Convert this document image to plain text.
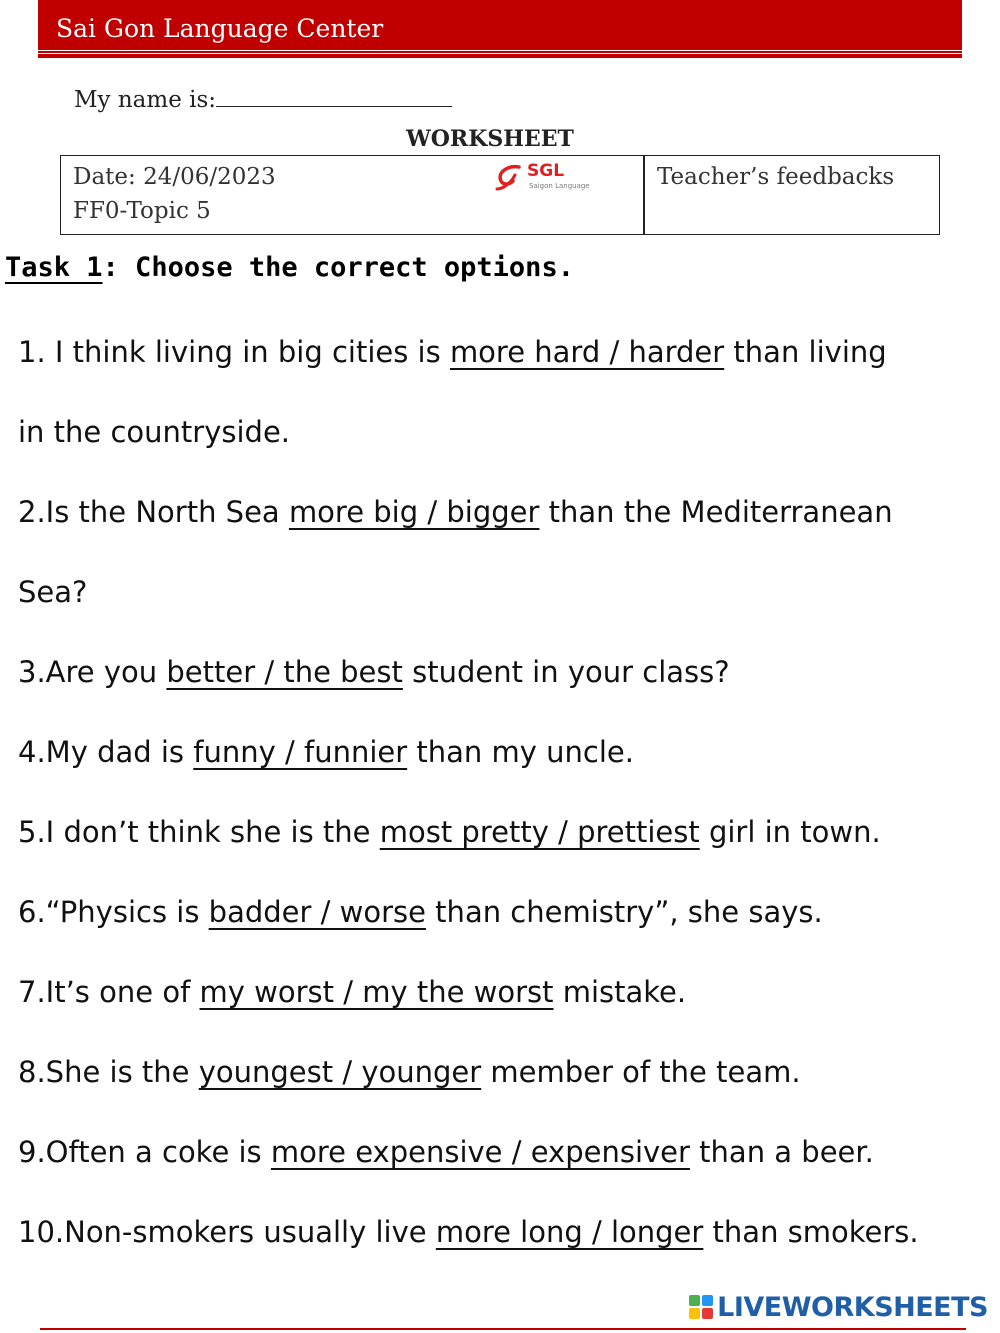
Sai Gon Language Center
My name is:
WORKSHEET
Date: 24/06/2023
FF0-Topic 5
SGL
Saigon Language	Teacher’s feedbacks
Task 1: Choose the correct options.
1. I think living in big cities is more hard / harder than living
in the countryside.
2.Is the North Sea more big / bigger than the Mediterranean
Sea?
3.Are you better / the best student in your class?
4.My dad is funny / funnier than my uncle.
5.I don’t think she is the most pretty / prettiest girl in town.
6.“Physics is badder / worse than chemistry”, she says.
7.It’s one of my worst / my the worst mistake.
8.She is the youngest / younger member of the team.
9.Often a coke is more expensive / expensiver than a beer.
10.Non-smokers usually live more long / longer than smokers.
LIVEWORKSHEETS
